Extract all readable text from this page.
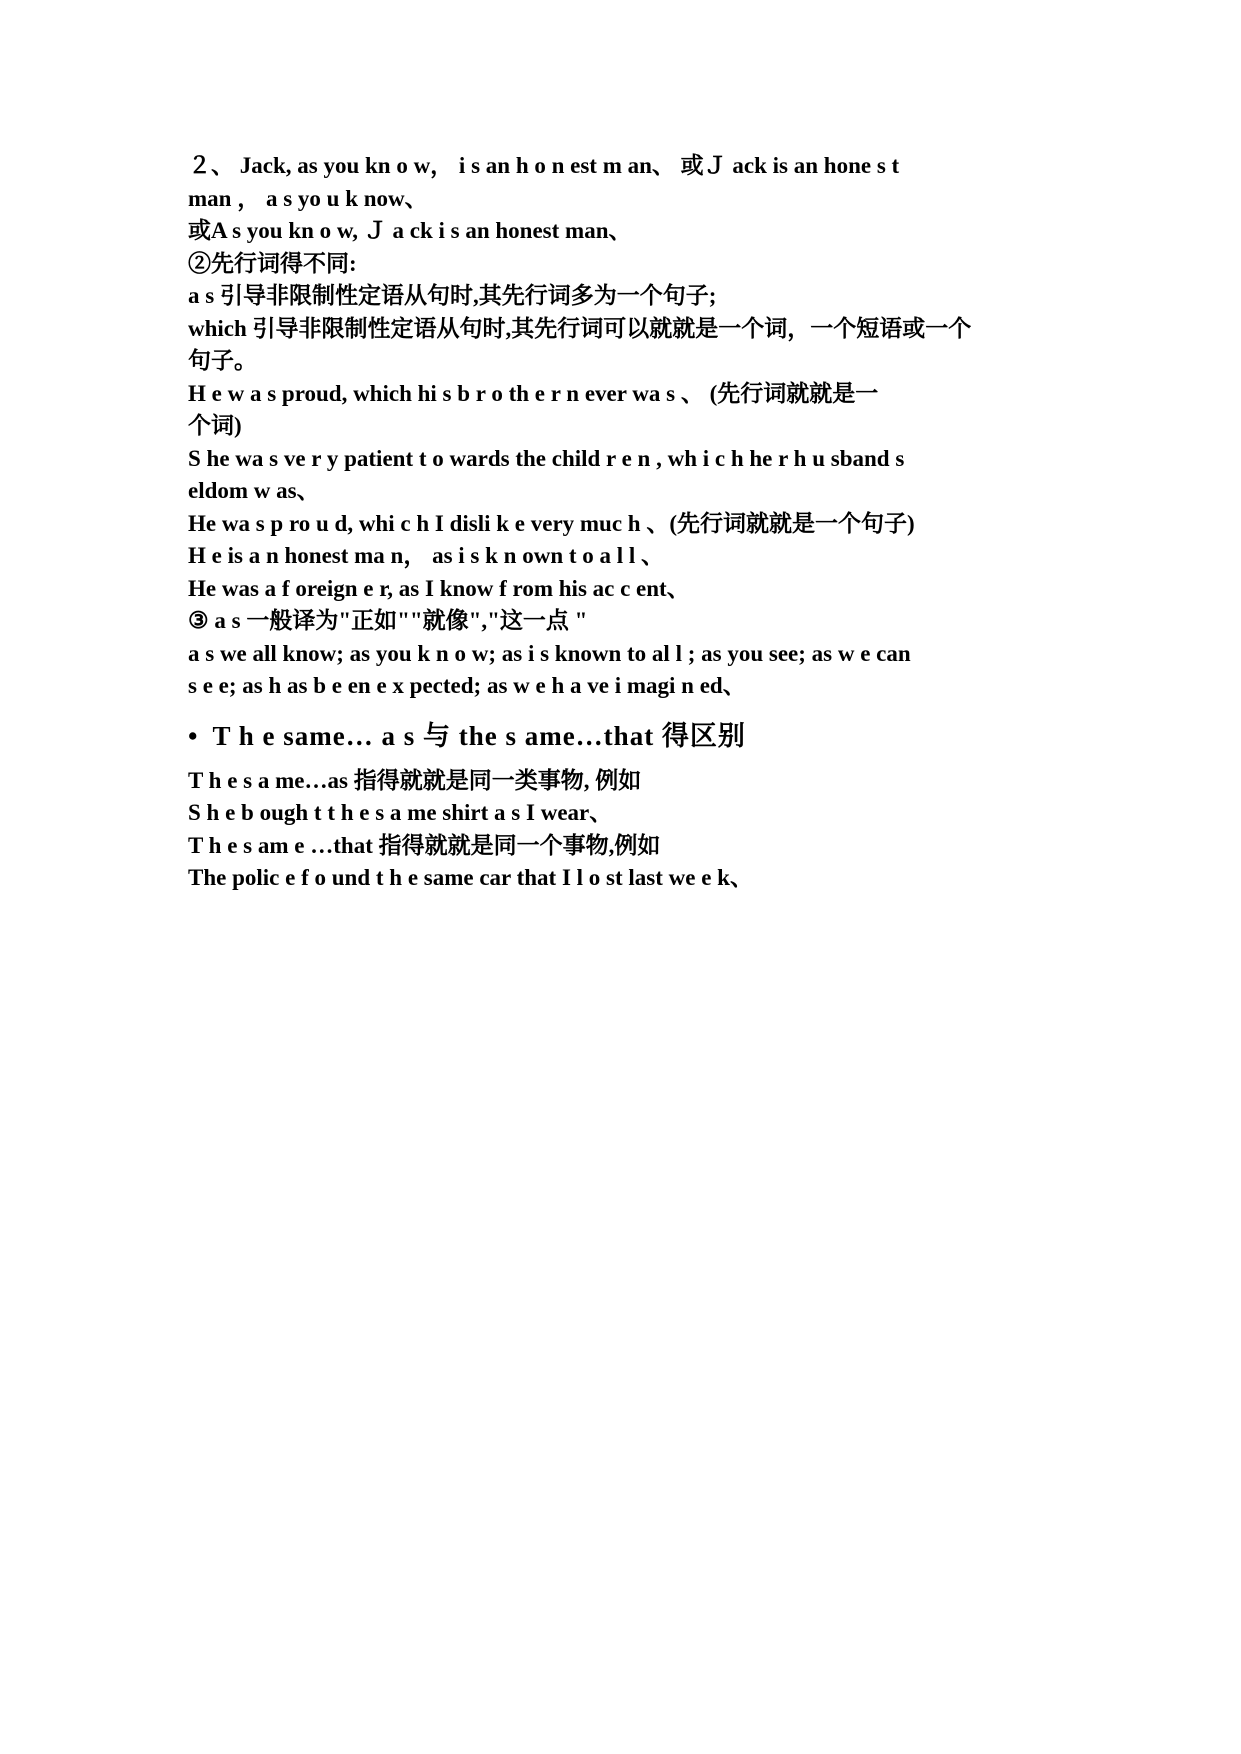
２、 Jack, as you kn o w， i s an h o n est m an、 或Ｊ ack is an hone s t

man ， a s yo u k now、

或A s you kn o w, Ｊ a ck i s an honest man、

②先行词得不同:

a s 引导非限制性定语从句时,其先行词多为一个句子;

which 引导非限制性定语从句时,其先行词可以就就是一个词，一个短语或一个

句子。

H e w a s proud, which hi s b r o th e r n ever wa s 、 (先行词就就是一

个词)

S he wa s ve r y patient t o wards the child r e n , wh i c h he r h u sband s

eldom w as、

He wa s p ro u d, whi c h I disli k e very muc h 、(先行词就就是一个句子)

H e is a n honest ma n， as i s k n own t o a l l 、

He was a f oreign e r, as I know f rom his ac c ent、

③ a s 一般译为"正如""就像","这一点 "

a s we all know; as you k n o w; as i s known to al l ; as you see; as w e can

s e e; as h as b e en e x pected; as w e h a ve i magi n ed、

• T h e same… a s 与 the s ame…that 得区别

T h e s a me…as 指得就就是同一类事物, 例如

S h e b ough t t h e s a me shirt a s I wear、

T h e s am e …that 指得就就是同一个事物,例如

The polic e f o und t h e same car that I l o st last we e k、
